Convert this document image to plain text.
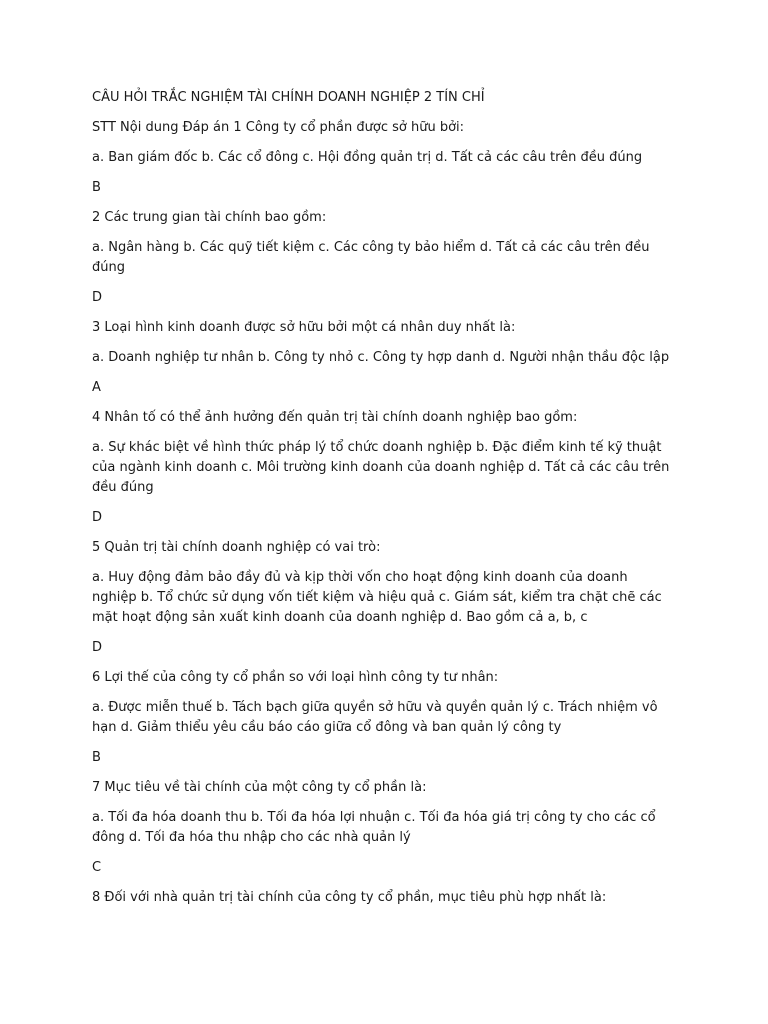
CÂU HỎI TRẮC NGHIỆM TÀI CHÍNH DOANH NGHIỆP 2 TÍN CHỈ

STT Nội dung Đáp án 1 Công ty cổ phần được sở hữu bởi:

a. Ban giám đốc b. Các cổ đông c. Hội đồng quản trị d. Tất cả các câu trên đều đúng

B

2 Các trung gian tài chính bao gồm:

a. Ngân hàng b. Các quỹ tiết kiệm c. Các công ty bảo hiểm d. Tất cả các câu trên đều đúng

D

3 Loại hình kinh doanh được sở hữu bởi một cá nhân duy nhất là:

a. Doanh nghiệp tư nhân b. Công ty nhỏ c. Công ty hợp danh d. Người nhận thầu độc lập

A

4 Nhân tố có thể ảnh hưởng đến quản trị tài chính doanh nghiệp bao gồm:

a. Sự khác biệt về hình thức pháp lý tổ chức doanh nghiệp b. Đặc điểm kinh tế kỹ thuật của ngành kinh doanh c. Môi trường kinh doanh của doanh nghiệp d. Tất cả các câu trên đều đúng

D

5 Quản trị tài chính doanh nghiệp có vai trò:

a. Huy động đảm bảo đầy đủ và kịp thời vốn cho hoạt động kinh doanh của doanh nghiệp b. Tổ chức sử dụng vốn tiết kiệm và hiệu quả c. Giám sát, kiểm tra chặt chẽ các mặt hoạt động sản xuất kinh doanh của doanh nghiệp d. Bao gồm cả a, b, c

D

6 Lợi thế của công ty cổ phần so với loại hình công ty tư nhân:

a. Được miễn thuế b. Tách bạch giữa quyền sở hữu và quyền quản lý c. Trách nhiệm vô hạn d. Giảm thiểu yêu cầu báo cáo giữa cổ đông và ban quản lý công ty

B

7 Mục tiêu về tài chính của một công ty cổ phần là:

a. Tối đa hóa doanh thu b. Tối đa hóa lợi nhuận c. Tối đa hóa giá trị công ty cho các cổ đông d. Tối đa hóa thu nhập cho các nhà quản lý

C

8 Đối với nhà quản trị tài chính của công ty cổ phần, mục tiêu phù hợp nhất là:
